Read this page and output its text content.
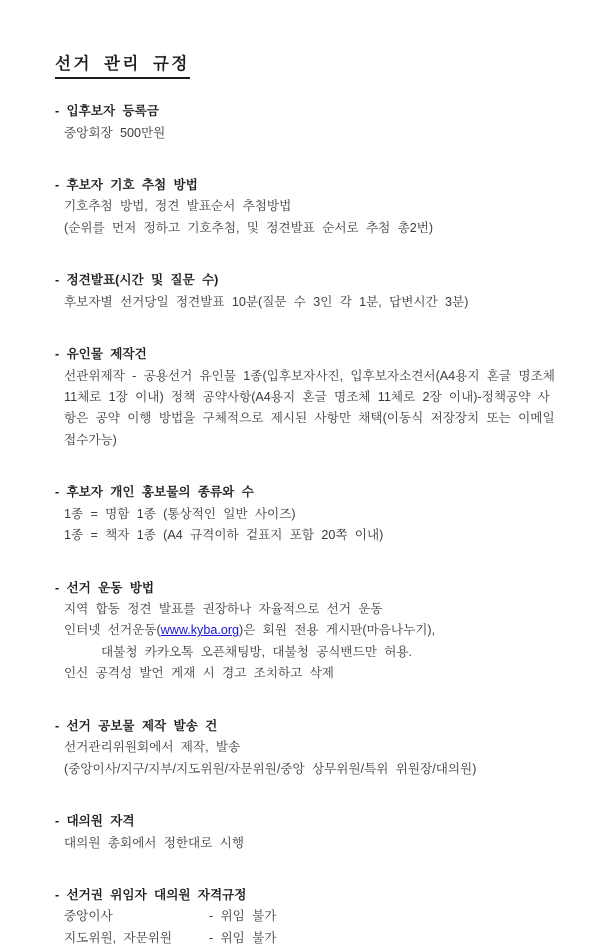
선거 관리 규정
- 입후보자 등록금
중앙회장 500만원
- 후보자 기호 추첨 방법
기호추첨 방법, 정견 발표순서 추첨방법
(순위를 먼저 정하고 기호추첨, 및 정견발표 순서로 추첨 총2번)
- 정견발표(시간 및 질문 수)
후보자별 선거당일 정견발표 10분(질문 수 3인 각 1분, 답변시간 3분)
- 유인물 제작건
선관위제작 - 공용선거 유인물 1종(입후보자사진, 입후보자소견서(A4용지 혼글 명조체
11체로 1장 이내) 정책 공약사항(A4용지 혼글 명조체 11체로 2장 이내)-정책공약 사
항은 공약 이행 방법을 구체적으로 제시된 사항만 채택(이동식 저장장치 또는 이메일
접수가능)
- 후보자 개인 홍보물의 종류와 수
1종 = 명함 1종 (통상적인 일반 사이즈)
1종 = 책자 1종 (A4 규격이하 겉표지 포함 20쪽 이내)
- 선거 운동 방법
지역 합동 정견 발표를 권장하나 자율적으로 선거 운동
인터넷 선거운동(www.kyba.org)은 회원 전용 게시판(마음나누기),
대불청 카카오톡 오픈채팅방, 대불청 공식밴드만 허용.
인신 공격성 발언 게재 시 경고 조치하고 삭제
- 선거 공보물 제작 발송 건
선거관리위원회에서 제작, 발송
(중앙이사/지구/지부/지도위원/자문위원/중앙 상무위원/특위 위원장/대의원)
- 대의원 자격
대의원 총회에서 정한대로 시행
- 선거권 위임자 대의원 자격규정
중앙이사	- 위임 불가
지도위원, 자문위원	- 위임 불가
